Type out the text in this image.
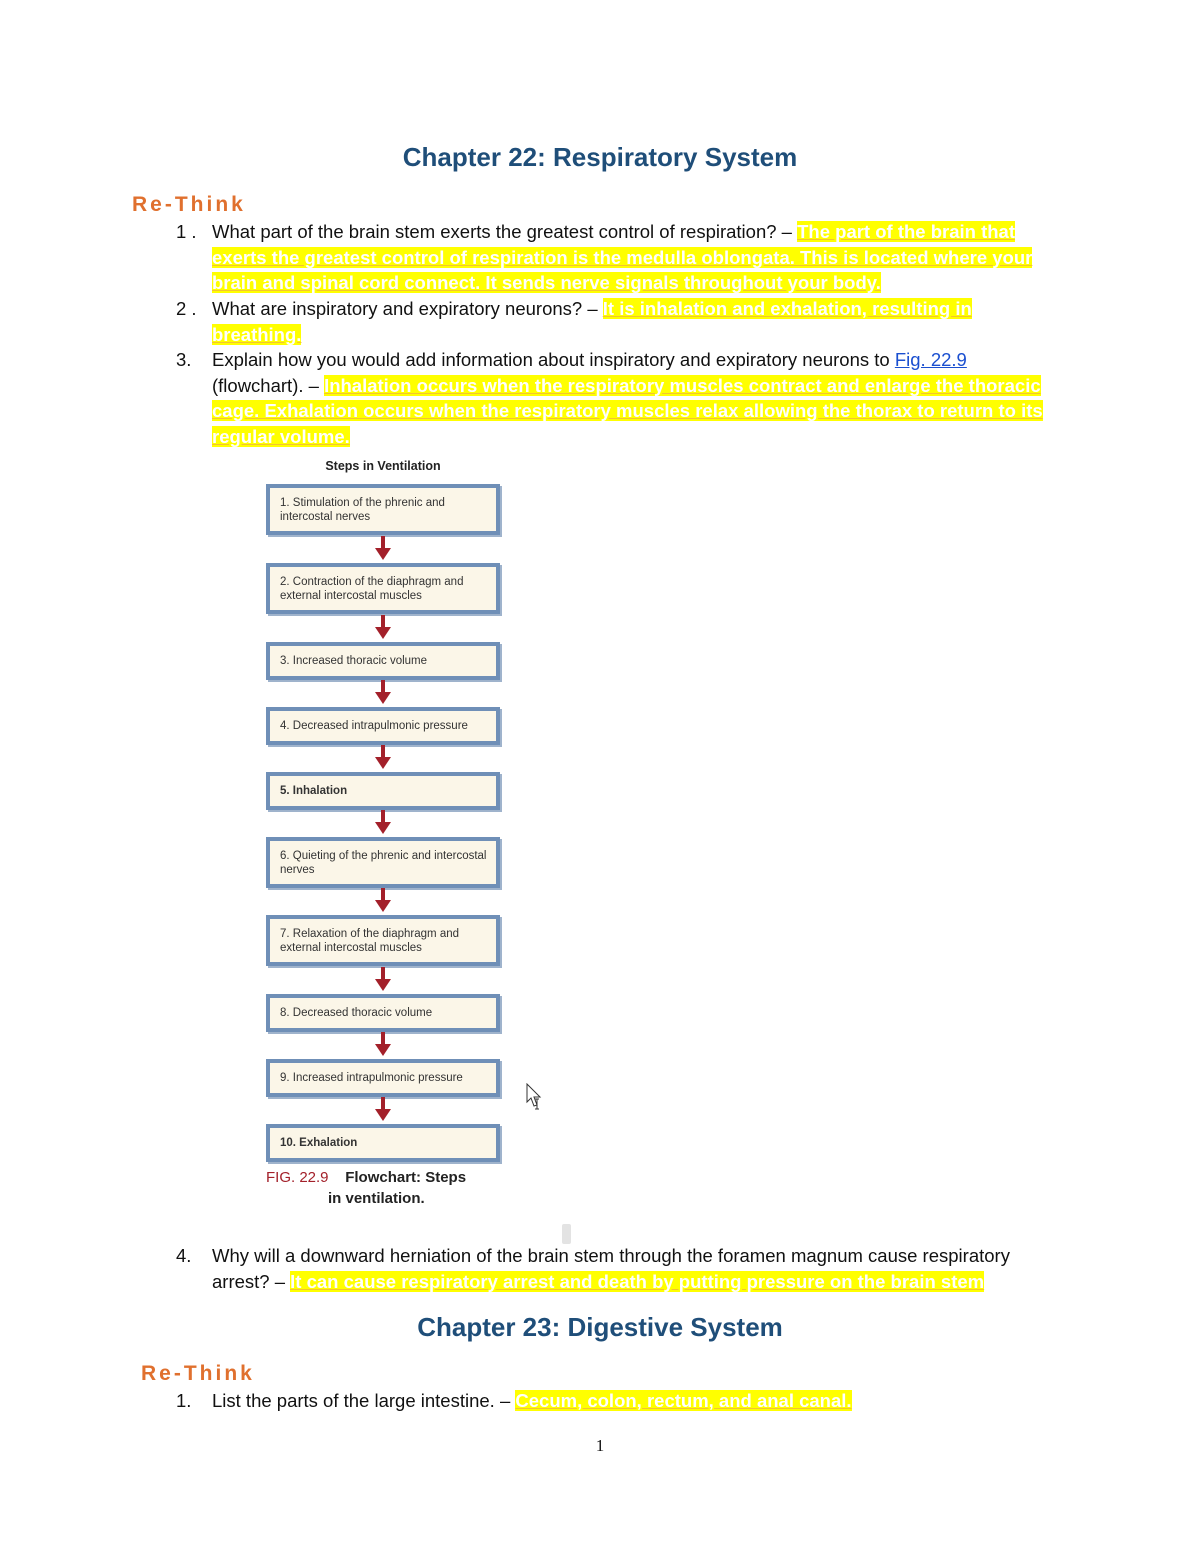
Chapter 22: Respiratory System
Re-Think
1 . What part of the brain stem exerts the greatest control of respiration? – The part of the brain that exerts the greatest control of respiration is the medulla oblongata. This is located where your brain and spinal cord connect. It sends nerve signals throughout your body.
2 . What are inspiratory and expiratory neurons? – It is inhalation and exhalation, resulting in breathing.
3. Explain how you would add information about inspiratory and expiratory neurons to Fig. 22.9 (flowchart). – Inhalation occurs when the respiratory muscles contract and enlarge the thoracic cage. Exhalation occurs when the respiratory muscles relax allowing the thorax to return to its regular volume.
Steps in Ventilation
1. Stimulation of the phrenic and intercostal nerves
2. Contraction of the diaphragm and external intercostal muscles
3. Increased thoracic volume
4. Decreased intrapulmonic pressure
5. Inhalation
6. Quieting of the phrenic and intercostal nerves
7. Relaxation of the diaphragm and external intercostal muscles
8. Decreased thoracic volume
9. Increased intrapulmonic pressure
10. Exhalation
FIG. 22.9 Flowchart: Steps
in ventilation.
4. Why will a downward herniation of the brain stem through the foramen magnum cause respiratory arrest? – It can cause respiratory arrest and death by putting pressure on the brain stem
Chapter 23: Digestive System
Re-Think
1. List the parts of the large intestine. – Cecum, colon, rectum, and anal canal.
1
